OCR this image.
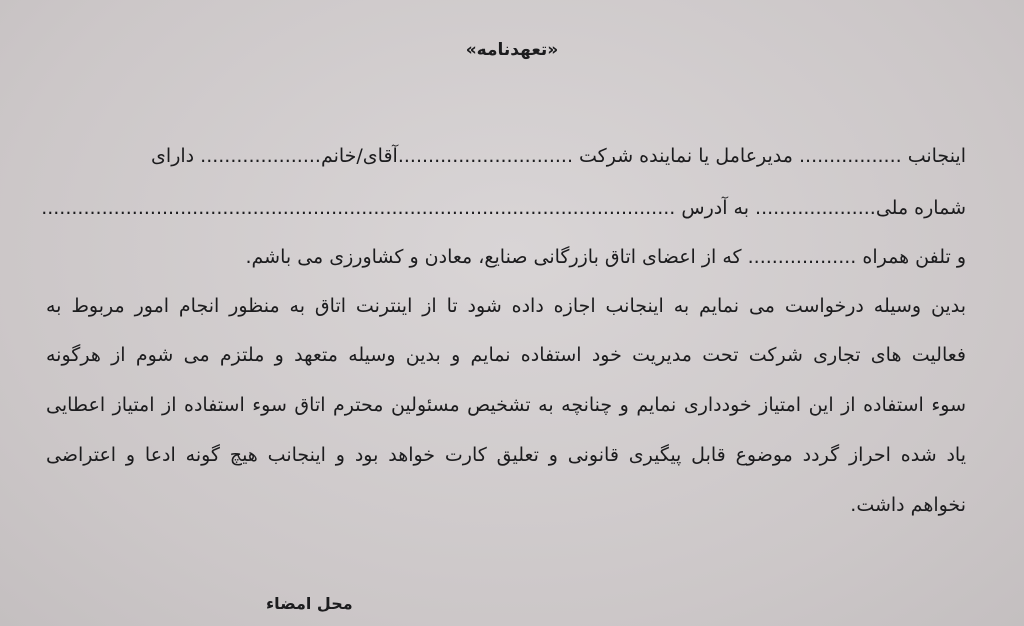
«تعهدنامه»
اینجانب ................. مدیرعامل یا نماینده شرکت .............................آقای/خانم.................... دارای
شماره ملی.................... به آدرس .........................................................................................................
و تلفن همراه .................. که از اعضای اتاق بازرگانی صنایع، معادن و کشاورزی می باشم.
بدین وسیله درخواست می نمایم به اینجانب اجازه داده شود تا از اینترنت اتاق به منظور انجام امور مربوط به
فعالیت های تجاری شرکت تحت مدیریت خود استفاده نمایم و بدین وسیله متعهد و ملتزم می شوم از هرگونه
سوء استفاده از این امتیاز خودداری نمایم و چنانچه به تشخیص مسئولین محترم اتاق سوء استفاده از امتیاز اعطایی
یاد شده احراز گردد موضوع قابل پیگیری قانونی و تعلیق کارت خواهد بود و اینجانب هیچ گونه ادعا و اعتراضی
نخواهم داشت.
محل امضاء
